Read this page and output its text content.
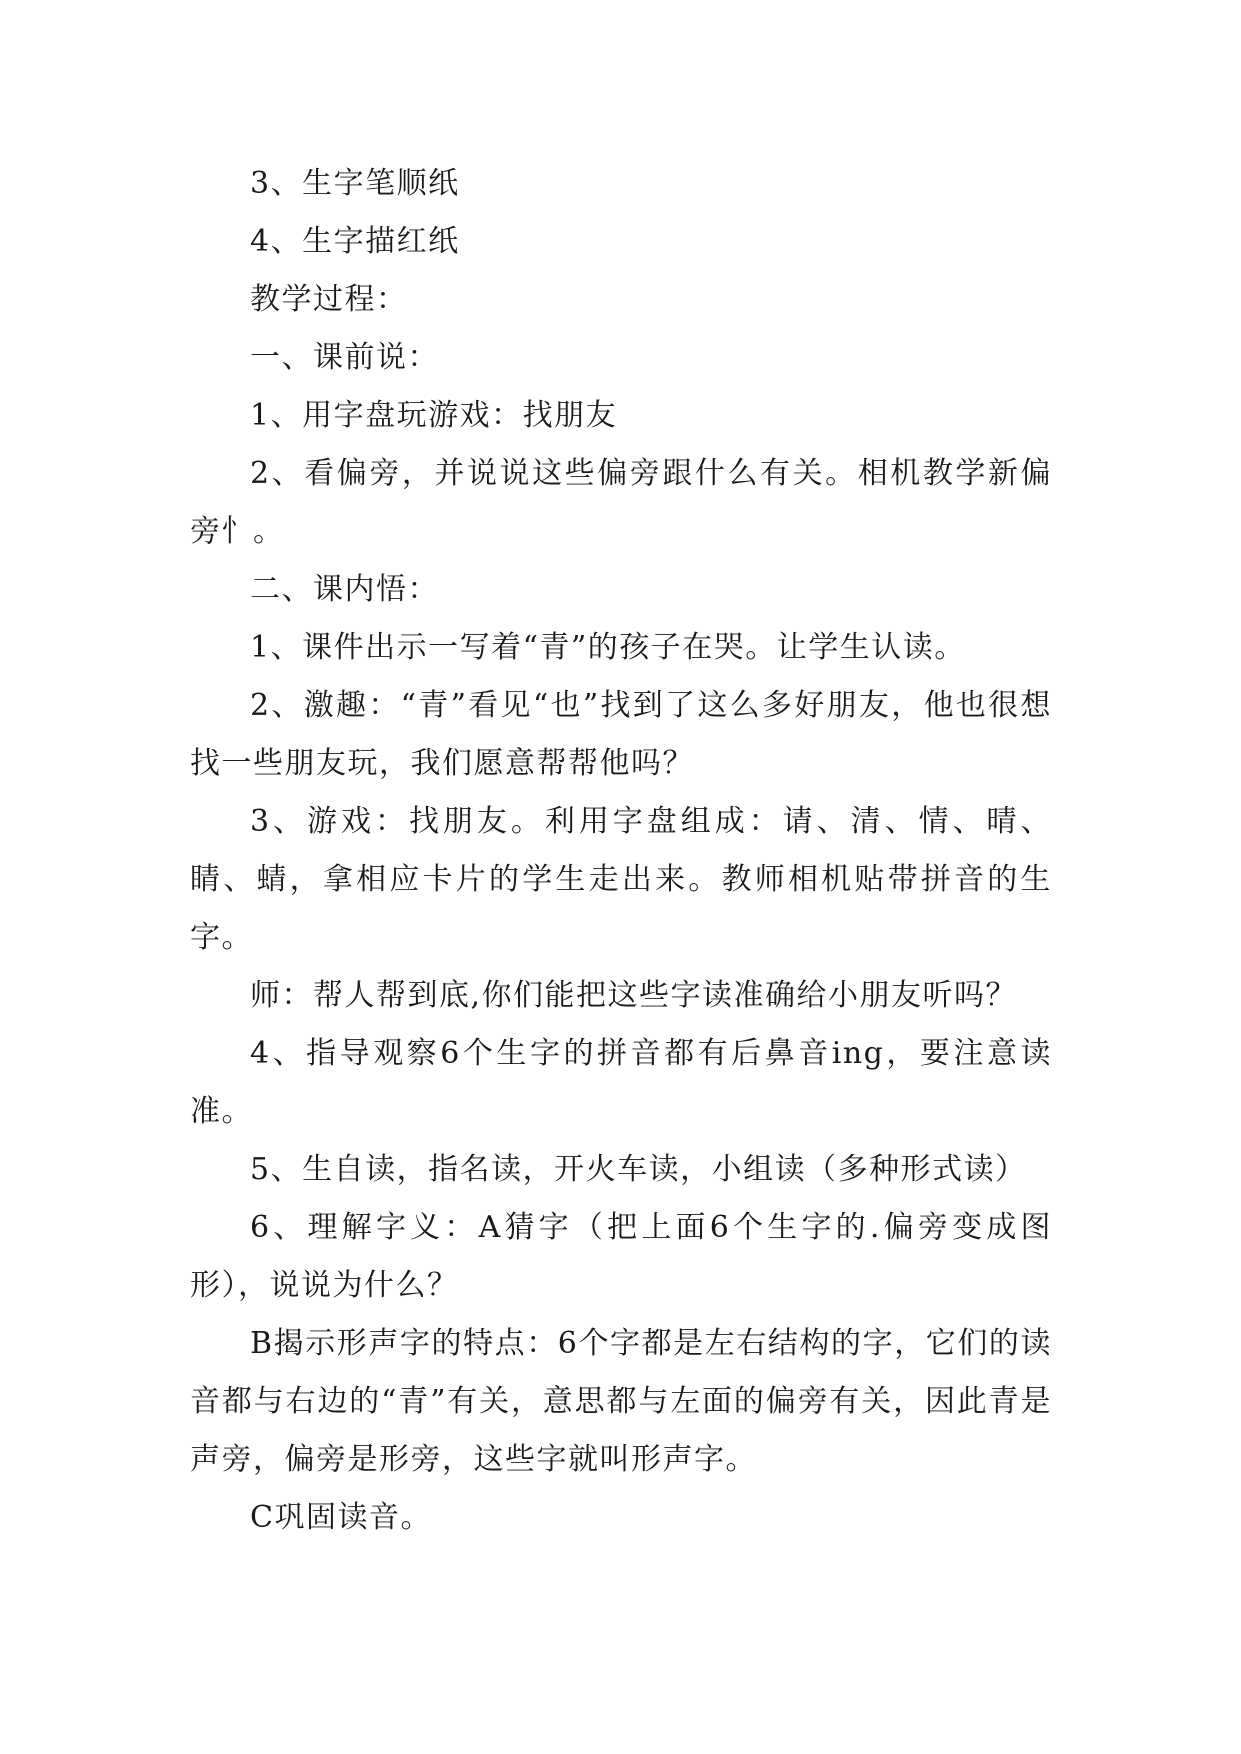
3、生字笔顺纸

4、生字描红纸

教学过程：

一、课前说：

1、用字盘玩游戏：找朋友

2、看偏旁，并说说这些偏旁跟什么有关。相机教学新偏旁忄。

二、课内悟：

1、课件出示一写着“青”的孩子在哭。让学生认读。

2、激趣：“青”看见“也”找到了这么多好朋友，他也很想找一些朋友玩，我们愿意帮帮他吗？

3、游戏：找朋友。利用字盘组成：请、清、情、晴、睛、蜻，拿相应卡片的学生走出来。教师相机贴带拼音的生字。

师：帮人帮到底,你们能把这些字读准确给小朋友听吗？

4、指导观察6个生字的拼音都有后鼻音ing，要注意读准。

5、生自读，指名读，开火车读，小组读（多种形式读）

6、理解字义：A猜字（把上面6个生字的.偏旁变成图形），说说为什么？

B揭示形声字的特点：6个字都是左右结构的字，它们的读音都与右边的“青”有关，意思都与左面的偏旁有关，因此青是声旁，偏旁是形旁，这些字就叫形声字。

C巩固读音。
